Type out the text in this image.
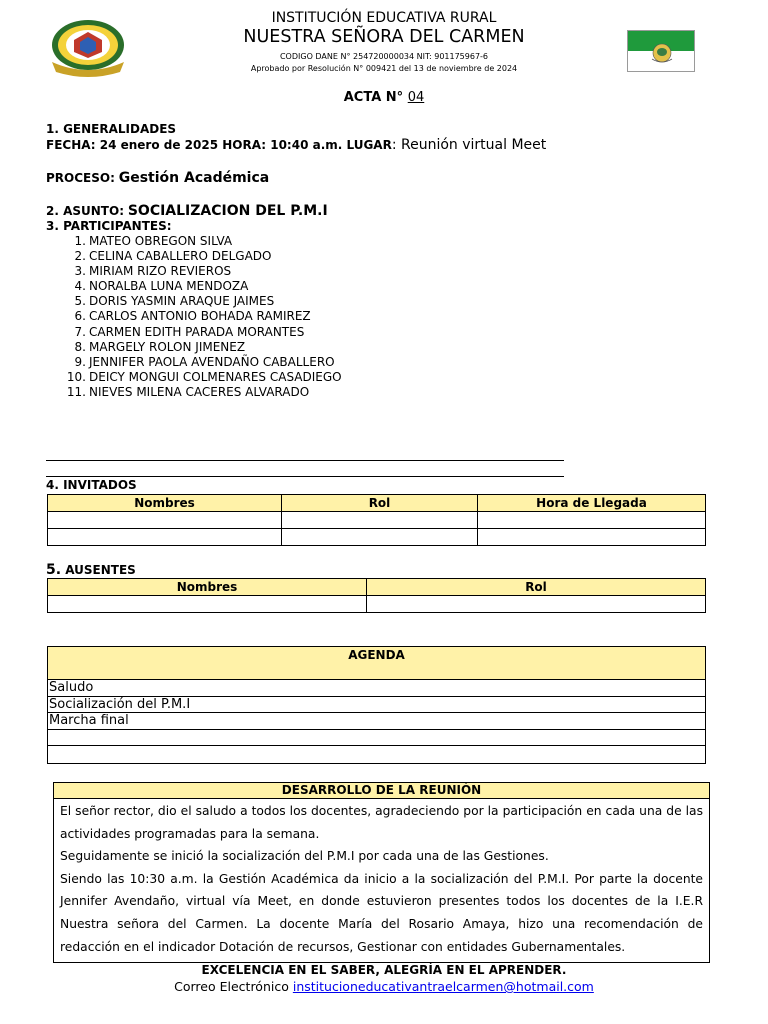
INSTITUCIÓN EDUCATIVA RURAL
NUESTRA SEÑORA DEL CARMEN
CODIGO DANE N° 254720000034 NIT: 901175967-6
Aprobado por Resolución N° 009421 del 13 de noviembre de 2024
ACTA N° 04
1. GENERALIDADES
FECHA: 24 enero de 2025 HORA: 10:40 a.m. LUGAR: Reunión virtual Meet
PROCESO: Gestión Académica
2. ASUNTO: SOCIALIZACION DEL P.M.I
3. PARTICIPANTES:
1. MATEO OBREGON SILVA
2. CELINA CABALLERO DELGADO
3. MIRIAM RIZO REVIEROS
4. NORALBA LUNA MENDOZA
5. DORIS YASMIN ARAQUE JAIMES
6. CARLOS ANTONIO BOHADA RAMIREZ
7. CARMEN EDITH PARADA MORANTES
8. MARGELY ROLON JIMENEZ
9. JENNIFER PAOLA AVENDAÑO CABALLERO
10. DEICY MONGUI COLMENARES CASADIEGO
11. NIEVES MILENA CACERES ALVARADO
4. INVITADOS
Nombres	Rol	Hora de Llegada

5. AUSENTES
Nombres	Rol

AGENDA
Saludo
Socialización del P.M.I
Marcha final
DESARROLLO DE LA REUNIÓN

El señor rector, dio el saludo a todos los docentes, agradeciendo por la participación en cada una de las actividades programadas para la semana.

Seguidamente se inició la socialización del P.M.I por cada una de las Gestiones.

Siendo las 10:30 a.m. la Gestión Académica da inicio a la socialización del P.M.I. Por parte la docente Jennifer Avendaño, virtual vía Meet, en donde estuvieron presentes todos los docentes de la I.E.R Nuestra señora del Carmen. La docente María del Rosario Amaya, hizo una recomendación de redacción en el indicador Dotación de recursos, Gestionar con entidades Gubernamentales.

EXCELENCIA EN EL SABER, ALEGRÍA EN EL APRENDER.
Correo Electrónico institucioneducativantraelcarmen@hotmail.com
